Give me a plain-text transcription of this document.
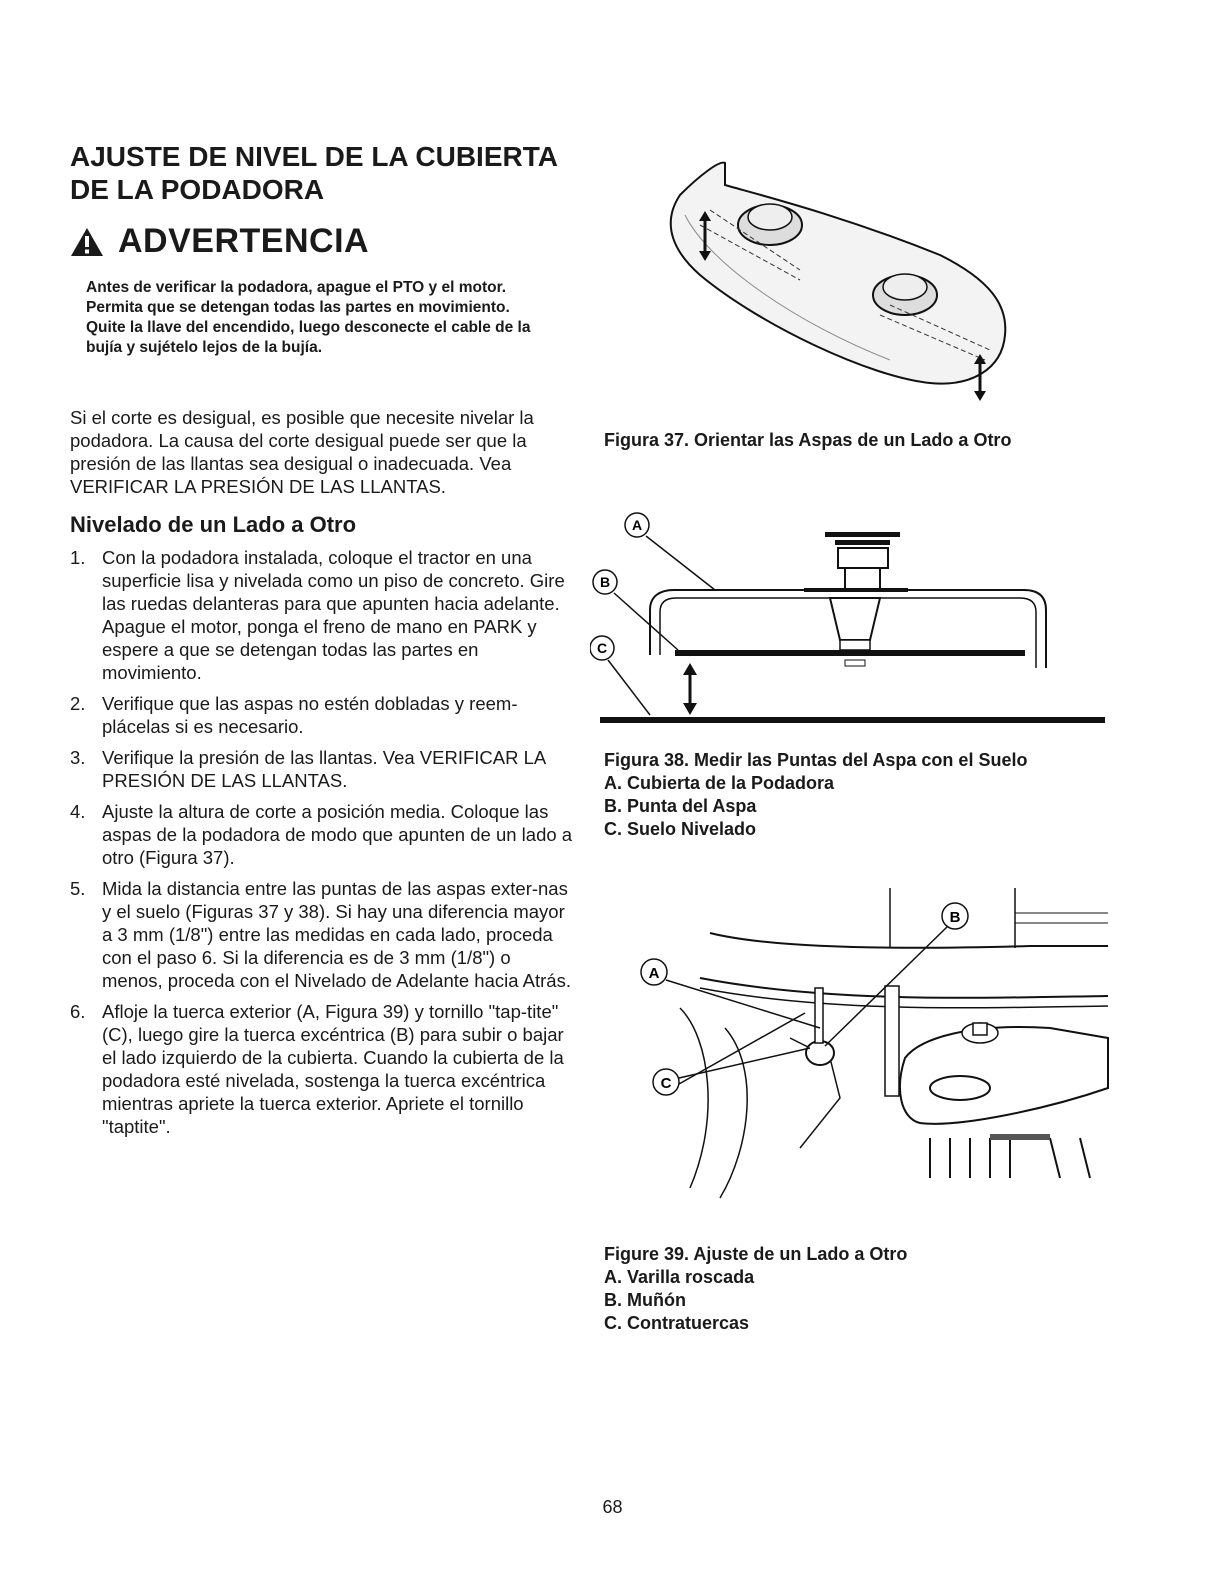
AJUSTE DE NIVEL DE LA CUBIERTA DE LA PODADORA
ADVERTENCIA
Antes de verificar la podadora, apague el PTO y el motor. Permita que se detengan todas las partes en movimiento. Quite la llave del encendido, luego desconecte el cable de la bujía y sujételo lejos de la bujía.
Si el corte es desigual, es posible que necesite nivelar la podadora. La causa del corte desigual puede ser que la presión de las llantas sea desigual o inadecuada. Vea VERIFICAR LA PRESIÓN DE LAS LLANTAS.
Nivelado de un Lado a Otro
1. Con la podadora instalada, coloque el tractor en una superficie lisa y nivelada como un piso de concreto. Gire las ruedas delanteras para que apunten hacia adelante. Apague el motor, ponga el freno de mano en PARK y espere a que se detengan todas las partes en movimiento.
2. Verifique que las aspas no estén dobladas y reem-plácelas si es necesario.
3. Verifique la presión de las llantas. Vea VERIFICAR LA PRESIÓN DE LAS LLANTAS.
4. Ajuste la altura de corte a posición media. Coloque las aspas de la podadora de modo que apunten de un lado a otro (Figura 37).
5. Mida la distancia entre las puntas de las aspas exter-nas y el suelo (Figuras 37 y 38). Si hay una diferencia mayor a 3 mm (1/8") entre las medidas en cada lado, proceda con el paso 6. Si la diferencia es de 3 mm (1/8") o menos, proceda con el Nivelado de Adelante hacia Atrás.
6. Afloje la tuerca exterior (A, Figura 39) y tornillo "tap-tite" (C), luego gire la tuerca excéntrica (B) para subir o bajar el lado izquierdo de la cubierta. Cuando la cubierta de la podadora esté nivelada, sostenga la tuerca excéntrica mientras apriete la tuerca exterior. Apriete el tornillo "taptite".
Figura 37. Orientar las Aspas de un Lado a Otro
A
B
C
Figura 38. Medir las Puntas del Aspa con el Suelo
A. Cubierta de la Podadora
B. Punta del Aspa
C. Suelo Nivelado
A
B
C
Figure 39. Ajuste de un Lado a Otro
A. Varilla roscada
B. Muñón
C. Contratuercas
68
